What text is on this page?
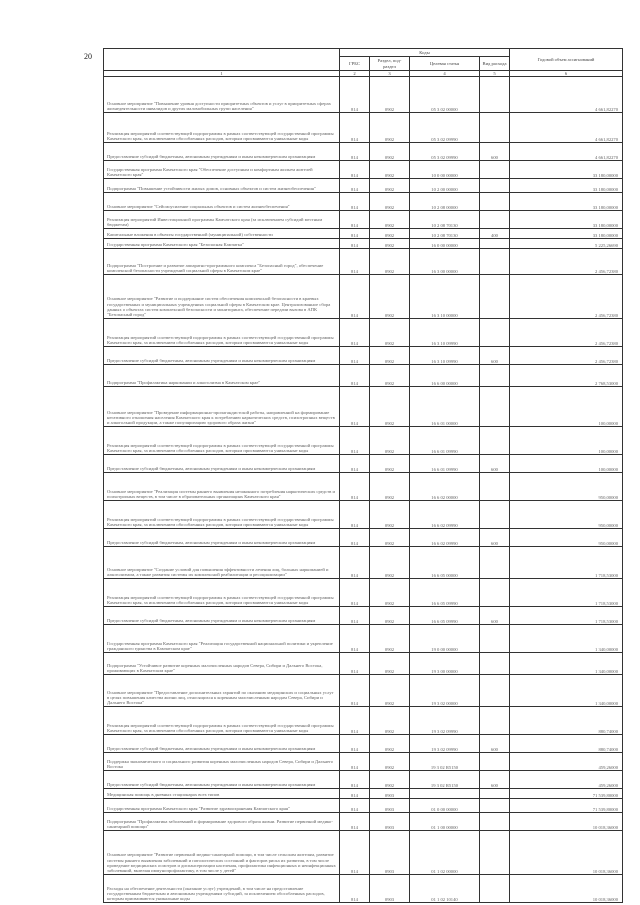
20
		Коды				Годовой объем ассигнований
	ГРБС	Раздел, под-раздел	Целевая статья	Вид расхода	
1	2	3	4	5	6
Основное мероприятие "Повышение уровня доступности приоритетных объектов и услуг в приоритетных сферах жизнедеятельности инвалидов и других маломобильных групп населения"	814	0902	05 3 02 00000		4 661,82270
Реализация мероприятий соответствующей подпрограммы в рамках соответствующей государственной программы Камчатского края, за исключением обособленных расходов, которым присваиваются уникальные коды	814	0902	05 3 02 09990		4 661,82270
Предоставление субсидий бюджетным, автономным учреждениям и иным некоммерческим организациям	814	0902	05 3 02 09990	600	4 661,82270
Государственная программа Камчатского края "Обеспечение доступным и комфортным жильем жителей Камчатского края"	814	0902	10 0 00 00000		33 180,00000
Подпрограмма "Повышение устойчивости жилых домов, основных объектов и систем жизнеобеспечения"	814	0902	10 2 00 00000		33 180,00000
Основное мероприятие "Сейсмоусиление социальных объектов и систем жизнеобеспечения"	814	0902	10 2 08 00000		33 180,00000
Реализация мероприятий Инвестиционной программы Камчатского края (за исключением субсидий местным бюджетам)	814	0902	10 2 08 70130		33 180,00000
Капитальные вложения в объекты государственной (муниципальной) собственности	814	0902	10 2 08 70130	400	33 180,00000
Государственная программа Камчатского края "Безопасная Камчатка"	814	0902	16 0 00 00000		5 225,26690
Подпрограмма "Построение и развитие аппаратно-программного комплекса "Безопасный город", обеспечение комплексной безопасности учреждений социальной сферы в Камчатском крае"	814	0902	16 3 00 00000		2 456,72380
Основное мероприятие "Развитие и поддержание систем обеспечения комплексной безопасности в краевых государственных и муниципальных учреждениях социальной сферы в Камчатском крае. Централизованное сбора данных о объектах систем комплексной безопасности и мониторинга, обеспечение передачи вызова в АПК "Безопасный город"	814	0902	16 3 10 00000		2 456,72380
Реализация мероприятий соответствующей подпрограммы в рамках соответствующей государственной программы Камчатского края, за исключением обособленных расходов, которым присваиваются уникальные коды	814	0902	16 3 10 09990		2 456,72380
Предоставление субсидий бюджетным, автономным учреждениям и иным некоммерческим организациям	814	0902	16 3 10 09990	600	2 456,72380
Подпрограмма "Профилактика наркомании и алкоголизма в Камчатском крае"	814	0902	16 6 00 00000		2 768,53000
Основное мероприятие "Проведение информационно-пропагандистской работы, направленной на формирование негативного отношения населения Камчатского края к потреблению наркотических средств, психотропных веществ и алкогольной продукции, а также популяризацию здорового образа жизни"	814	0902	16 6 01 00000		100,00000
Реализация мероприятий соответствующей подпрограммы в рамках соответствующей государственной программы Камчатского края, за исключением обособленных расходов, которым присваиваются уникальные коды	814	0902	16 6 01 09990		100,00000
Предоставление субсидий бюджетным, автономным учреждениям и иным некоммерческим организациям	814	0902	16 6 01 09990	600	100,00000
Основное мероприятие "Реализация системы раннего выявления незаконного потребления наркотических средств и психотропных веществ, в том числе в образовательных организациях Камчатского края"	814	0902	16 6 02 00000		950,00000
Реализация мероприятий соответствующей подпрограммы в рамках соответствующей государственной программы Камчатского края, за исключением обособленных расходов, которым присваиваются уникальные коды	814	0902	16 6 02 09990		950,00000
Предоставление субсидий бюджетным, автономным учреждениям и иным некоммерческим организациям	814	0902	16 6 02 09990	600	950,00000
Основное мероприятие "Создание условий для повышения эффективности лечения лиц, больных наркоманией и алкоголизмом, а также развития системы их комплексной реабилитации и ресоциализации"	814	0902	16 6 05 00000		1 718,53000
Реализация мероприятий соответствующей подпрограммы в рамках соответствующей государственной программы Камчатского края, за исключением обособленных расходов, которым присваиваются уникальные коды	814	0902	16 6 05 09990		1 718,53000
Предоставление субсидий бюджетным, автономным учреждениям и иным некоммерческим организациям	814	0902	16 6 05 09990	600	1 718,53000
Государственная программа Камчатского края "Реализация государственной национальной политики и укрепление гражданского единства в Камчатском крае"	814	0902	19 0 00 00000		1 340,00000
Подпрограмма "Устойчивое развитие коренных малочисленных народов Севера, Сибири и Дальнего Востока, проживающих в Камчатском крае"	814	0902	19 3 00 00000		1 340,00000
Основное мероприятие "Предоставление дополнительных гарантий по оказанию медицинских и социальных услуг в целях повышения качества жизни лиц, относящихся к коренным малочисленным народам Севера, Сибири и Дальнего Востока"	814	0902	19 3 02 00000		1 340,00000
Реализация мероприятий соответствующей подпрограммы в рамках соответствующей государственной программы Камчатского края, за исключением обособленных расходов, которым присваиваются уникальные коды	814	0902	19 3 02 09990		880,74000
Предоставление субсидий бюджетным, автономным учреждениям и иным некоммерческим организациям	814	0902	19 3 02 09990	600	880,74000
Поддержка экономического и социального развития коренных малочисленных народов Севера, Сибири и Дальнего Востока	814	0902	19 3 02 R5150		459,26000
Предоставление субсидий бюджетным, автономным учреждениям и иным некоммерческим организациям	814	0902	19 3 02 R5150	600	459,26000
Медицинская помощь в дневных стационарах всех типов	814	0903			71 539,80000
Государственная программа Камчатского края "Развитие здравоохранения Камчатского края"	814	0903	01 0 00 00000		71 539,80000
Подпрограмма "Профилактика заболеваний и формирование здорового образа жизни. Развитие первичной медико-санитарной помощи"	814	0903	01 1 00 00000		10 018,36000
Основное мероприятие "Развитие первичной медико-санитарной помощи, в том числе сельским жителям, развитие системы раннего выявления заболеваний и патологических состояний и факторов риска их развития, в том числе проведение медицинских осмотров и диспансеризации населения, профилактика инфекционных и неинфекционных заболеваний, включая иммунопрофилактику, в том числе у детей"	814	0903	01 1 02 00000		10 018,36000
Расходы на обеспечение деятельности (оказание услуг) учреждений, в том числе на предоставление государственным бюджетным и автономным учреждениям субсидий, за исключением обособленных расходов, которым присваиваются уникальные коды	814	0903	01 1 02 10140		10 018,36000
